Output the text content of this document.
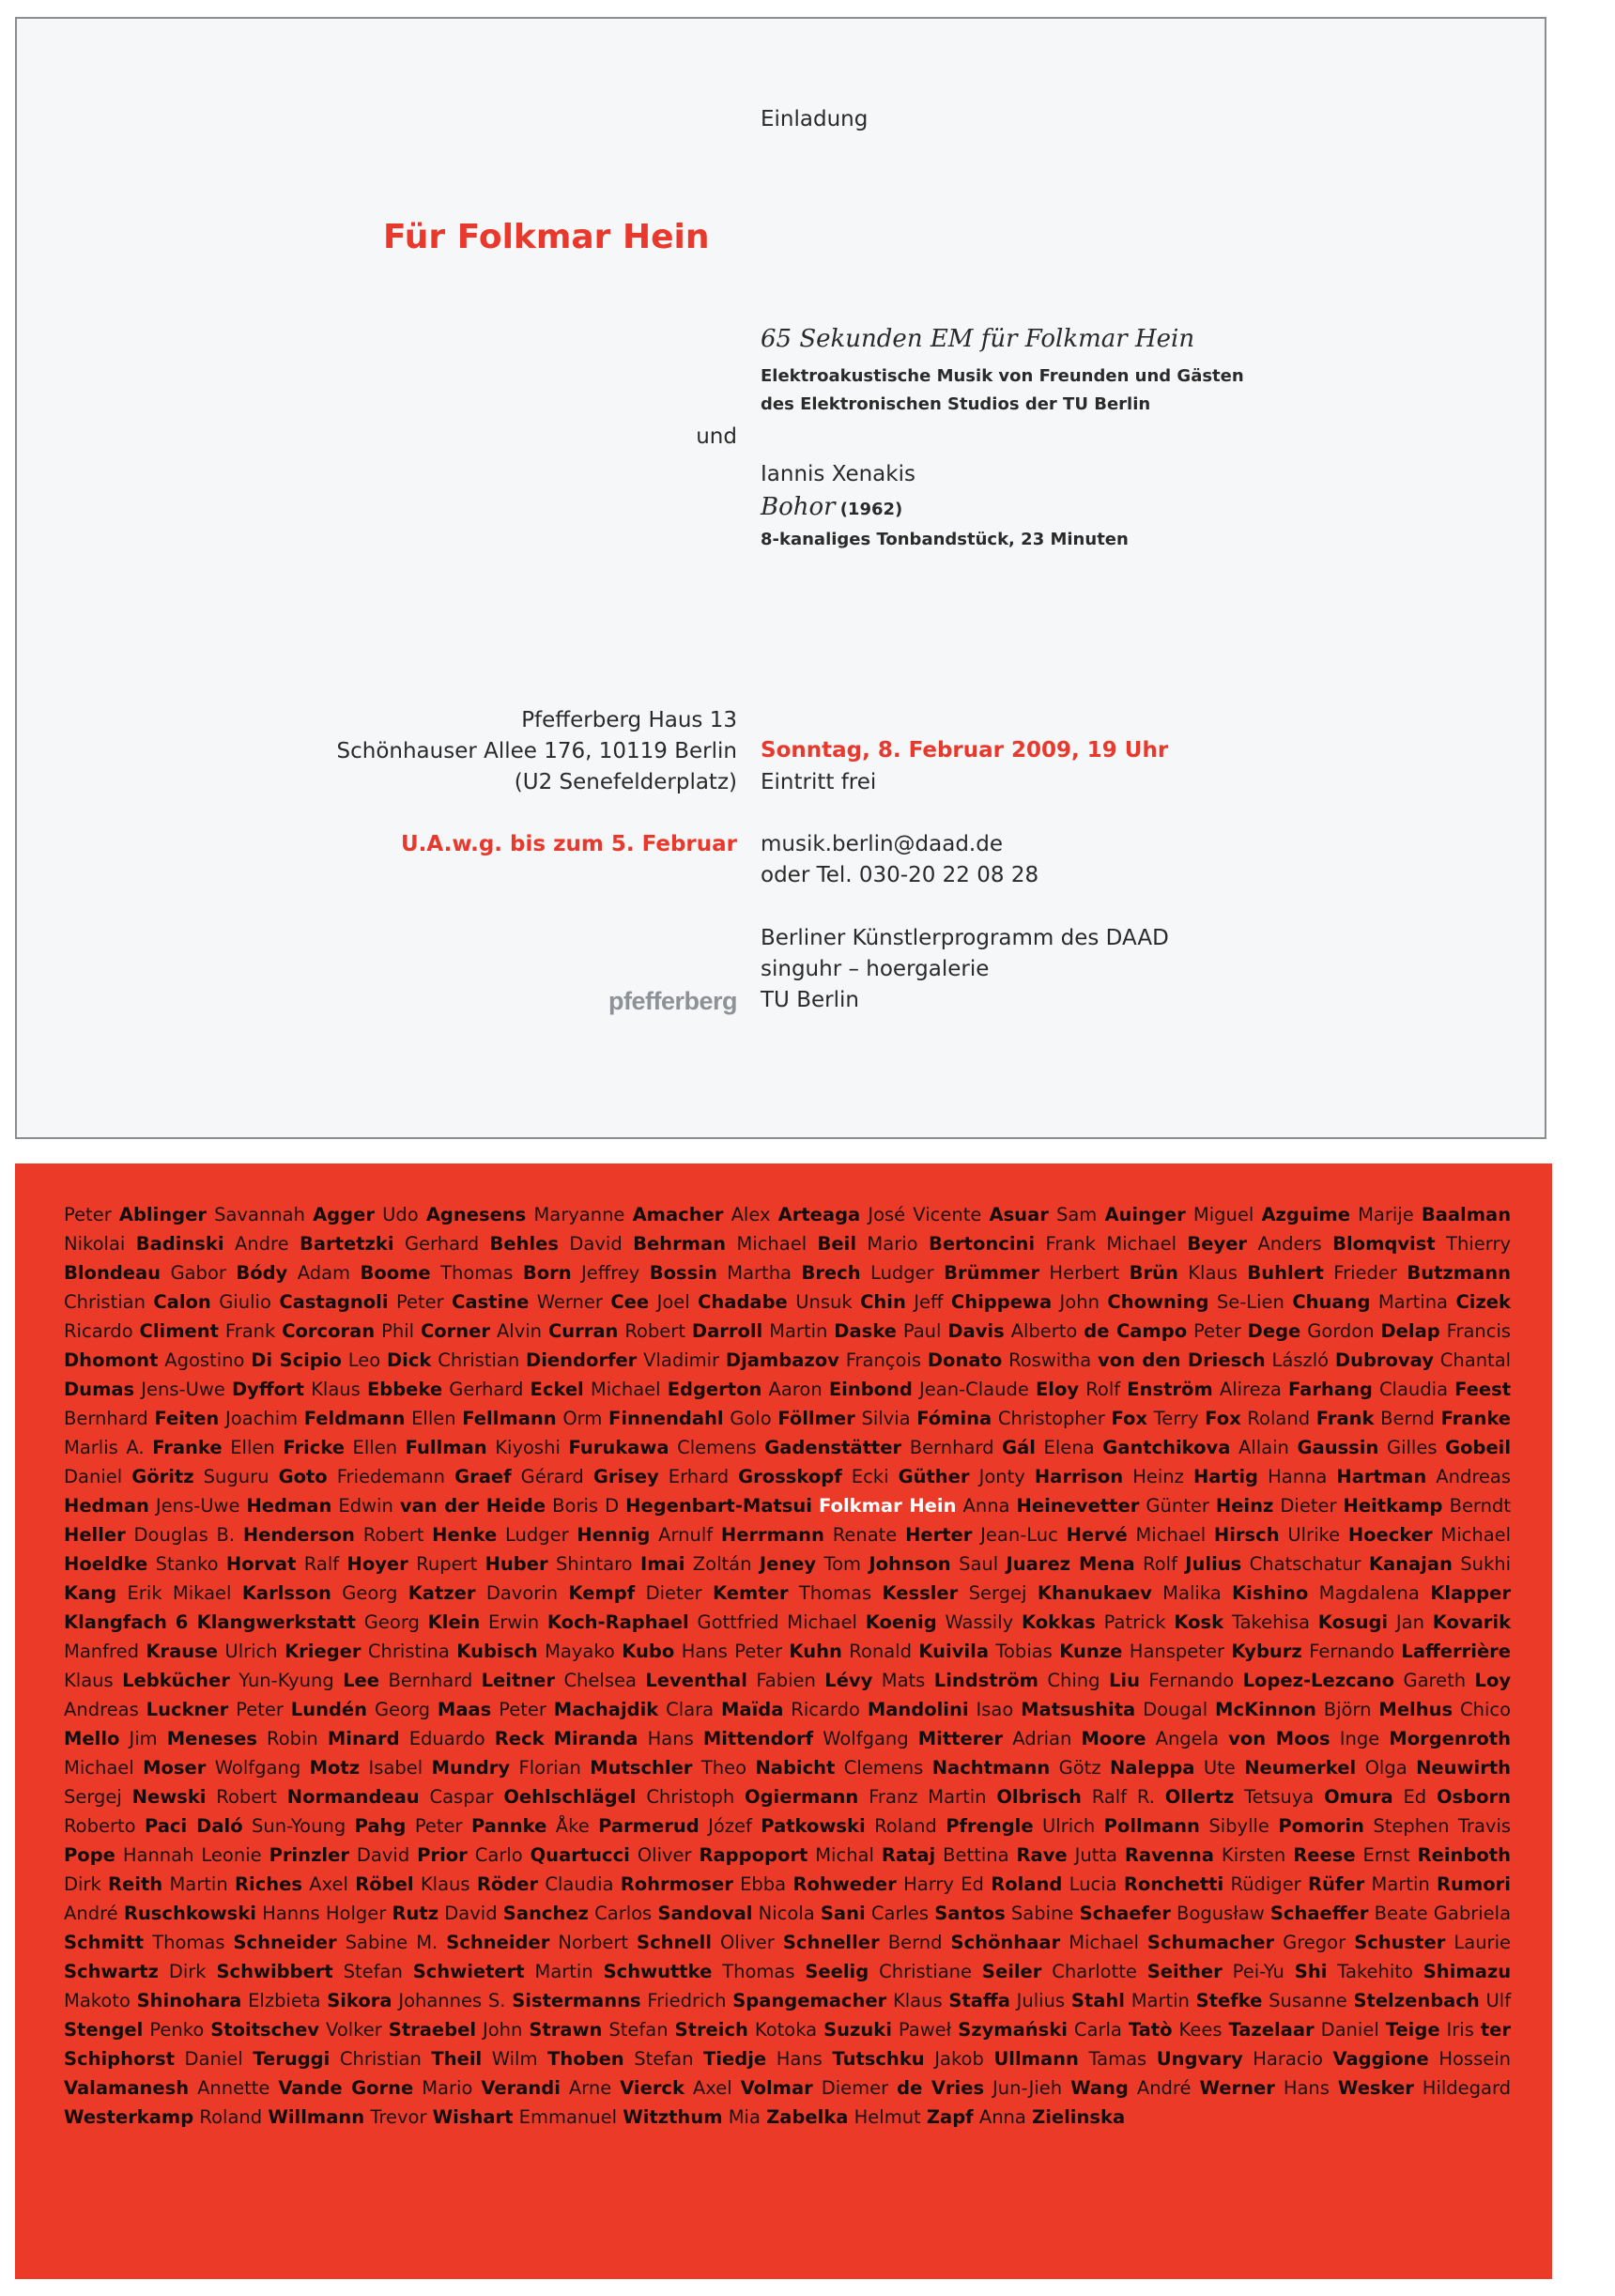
Einladung
Für Folkmar Hein
65 Sekunden EM für Folkmar Hein
Elektroakustische Musik von Freunden und Gästen
des Elektronischen Studios der TU Berlin
und
Iannis Xenakis
Bohor (1962)
8-kanaliges Tonbandstück, 23 Minuten
Pfefferberg Haus 13
Schönhauser Allee 176, 10119 Berlin
(U2 Senefelderplatz)
Sonntag, 8. Februar 2009, 19 Uhr
Eintritt frei
U.A.w.g. bis zum 5. Februar musik.berlin@daad.de
oder Tel. 030-20 22 08 28
Berliner Künstlerprogramm des DAAD
singuhr – hoergalerie
TU Berlin
pfefferberg

Peter Ablinger Savannah Agger Udo Agnesens Maryanne Amacher Alex Arteaga José Vicente Asuar Sam Auinger Miguel Azguime Marije Baalman Nikolai Badinski Andre Bartetzki Gerhard Behles David Behrman Michael Beil Mario Bertoncini Frank Michael Beyer Anders Blomqvist Thierry Blondeau Gabor Bódy Adam Boome Thomas Born Jeffrey Bossin Martha Brech Ludger Brümmer Herbert Brün Klaus Buhlert Frieder Butzmann Christian Calon Giulio Castagnoli Peter Castine Werner Cee Joel Chadabe Unsuk Chin Jeff Chippewa John Chowning Se-Lien Chuang Martina Cizek Ricardo Climent Frank Corcoran Phil Corner Alvin Curran Robert Darroll Martin Daske Paul Davis Alberto de Campo Peter Dege Gordon Delap Francis Dhomont Agostino Di Scipio Leo Dick Christian Diendorfer Vladimir Djambazov François Donato Roswitha von den Driesch László Dubrovay Chantal Dumas Jens-Uwe Dyffort Klaus Ebbeke Gerhard Eckel Michael Edgerton Aaron Einbond Jean-Claude Eloy Rolf Enström Alireza Farhang Claudia Feest Bernhard Feiten Joachim Feldmann Ellen Fellmann Orm Finnendahl Golo Föllmer Silvia Fómina Christopher Fox Terry Fox Roland Frank Bernd Franke Marlis A. Franke Ellen Fricke Ellen Fullman Kiyoshi Furukawa Clemens Gadenstätter Bernhard Gál Elena Gantchikova Allain Gaussin Gilles Gobeil Daniel Göritz Suguru Goto Friedemann Graef Gérard Grisey Erhard Grosskopf Ecki Güther Jonty Harrison Heinz Hartig Hanna Hartman Andreas Hedman Jens-Uwe Hedman Edwin van der Heide Boris D Hegenbart-Matsui Folkmar Hein Anna Heinevetter Günter Heinz Dieter Heitkamp Berndt Heller Douglas B. Henderson Robert Henke Ludger Hennig Arnulf Herrmann Renate Herter Jean-Luc Hervé Michael Hirsch Ulrike Hoecker Michael Hoeldke Stanko Horvat Ralf Hoyer Rupert Huber Shintaro Imai Zoltán Jeney Tom Johnson Saul Juarez Mena Rolf Julius Chatschatur Kanajan Sukhi Kang Erik Mikael Karlsson Georg Katzer Davorin Kempf Dieter Kemter Thomas Kessler Sergej Khanukaev Malika Kishino Magdalena Klapper Klangfach 6 Klangwerkstatt Georg Klein Erwin Koch-Raphael Gottfried Michael Koenig Wassily Kokkas Patrick Kosk Takehisa Kosugi Jan Kovarik Manfred Krause Ulrich Krieger Christina Kubisch Mayako Kubo Hans Peter Kuhn Ronald Kuivila Tobias Kunze Hanspeter Kyburz Fernando Lafferrière Klaus Lebkücher Yun-Kyung Lee Bernhard Leitner Chelsea Leventhal Fabien Lévy Mats Lindström Ching Liu Fernando Lopez-Lezcano Gareth Loy Andreas Luckner Peter Lundén Georg Maas Peter Machajdik Clara Maïda Ricardo Mandolini Isao Matsushita Dougal McKinnon Björn Melhus Chico Mello Jim Meneses Robin Minard Eduardo Reck Miranda Hans Mittendorf Wolfgang Mitterer Adrian Moore Angela von Moos Inge Morgenroth Michael Moser Wolfgang Motz Isabel Mundry Florian Mutschler Theo Nabicht Clemens Nachtmann Götz Naleppa Ute Neumerkel Olga Neuwirth Sergej Newski Robert Normandeau Caspar Oehlschlägel Christoph Ogiermann Franz Martin Olbrisch Ralf R. Ollertz Tetsuya Omura Ed Osborn Roberto Paci Daló Sun-Young Pahg Peter Pannke Åke Parmerud Józef Patkowski Roland Pfrengle Ulrich Pollmann Sibylle Pomorin Stephen Travis Pope Hannah Leonie Prinzler David Prior Carlo Quartucci Oliver Rappoport Michal Rataj Bettina Rave Jutta Ravenna Kirsten Reese Ernst Reinboth Dirk Reith Martin Riches Axel Röbel Klaus Röder Claudia Rohrmoser Ebba Rohweder Harry Ed Roland Lucia Ronchetti Rüdiger Rüfer Martin Rumori André Ruschkowski Hanns Holger Rutz David Sanchez Carlos Sandoval Nicola Sani Carles Santos Sabine Schaefer Bogusław Schaeffer Beate Gabriela Schmitt Thomas Schneider Sabine M. Schneider Norbert Schnell Oliver Schneller Bernd Schönhaar Michael Schumacher Gregor Schuster Laurie Schwartz Dirk Schwibbert Stefan Schwietert Martin Schwuttke Thomas Seelig Christiane Seiler Charlotte Seither Pei-Yu Shi Takehito Shimazu Makoto Shinohara Elzbieta Sikora Johannes S. Sistermanns Friedrich Spangemacher Klaus Staffa Julius Stahl Martin Stefke Susanne Stelzenbach Ulf Stengel Penko Stoitschev Volker Straebel John Strawn Stefan Streich Kotoka Suzuki Paweł Szymański Carla Tatò Kees Tazelaar Daniel Teige Iris ter Schiphorst Daniel Teruggi Christian Theil Wilm Thoben Stefan Tiedje Hans Tutschku Jakob Ullmann Tamas Ungvary Haracio Vaggione Hossein Valamanesh Annette Vande Gorne Mario Verandi Arne Vierck Axel Volmar Diemer de Vries Jun-Jieh Wang André Werner Hans Wesker Hildegard Westerkamp Roland Willmann Trevor Wishart Emmanuel Witzthum Mia Zabelka Helmut Zapf Anna Zielinska
